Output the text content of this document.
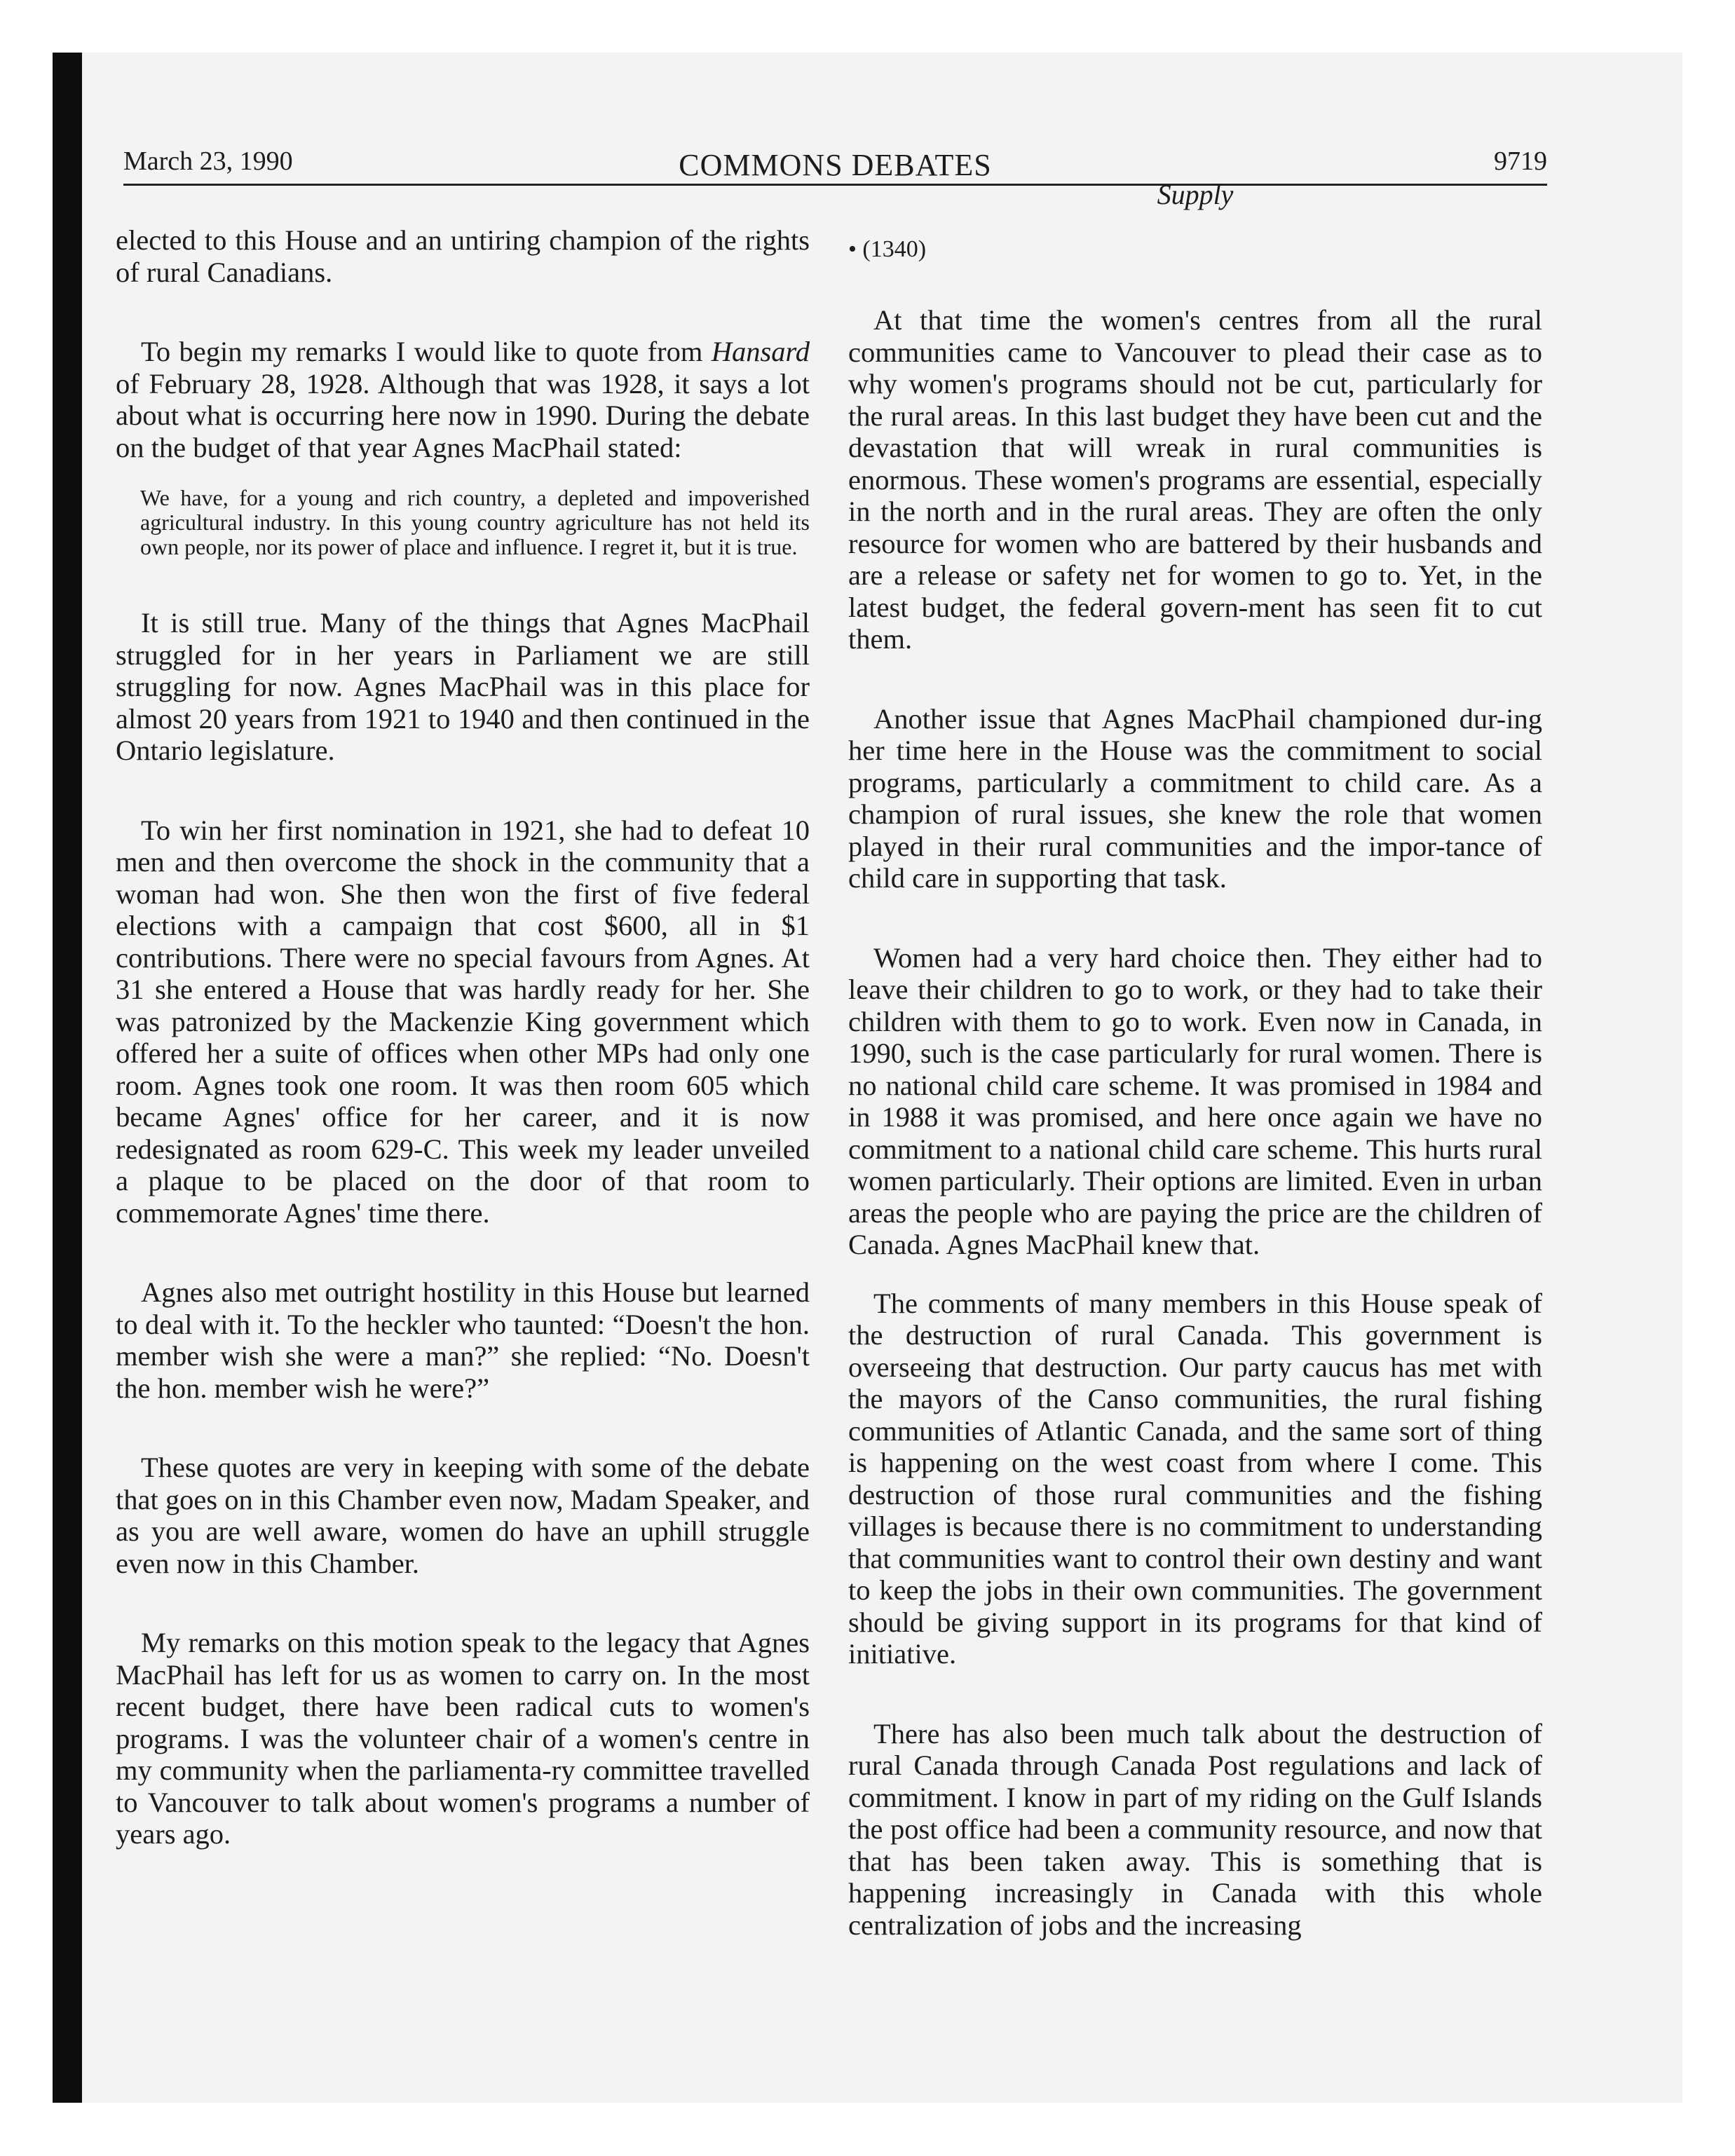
March 23, 1990	COMMONS DEBATES	9719

elected to this House and an untiring champion of the rights of rural Canadians.

To begin my remarks I would like to quote from Hansard of February 28, 1928. Although that was 1928, it says a lot about what is occurring here now in 1990. During the debate on the budget of that year Agnes MacPhail stated:

We have, for a young and rich country, a depleted and impoverished agricultural industry. In this young country agriculture has not held its own people, nor its power of place and influence. I regret it, but it is true.

It is still true. Many of the things that Agnes MacPhail struggled for in her years in Parliament we are still struggling for now. Agnes MacPhail was in this place for almost 20 years from 1921 to 1940 and then continued in the Ontario legislature.

To win her first nomination in 1921, she had to defeat 10 men and then overcome the shock in the community that a woman had won. She then won the first of five federal elections with a campaign that cost $600, all in $1 contributions. There were no special favours from Agnes. At 31 she entered a House that was hardly ready for her. She was patronized by the Mackenzie King government which offered her a suite of offices when other MPs had only one room. Agnes took one room. It was then room 605 which became Agnes' office for her career, and it is now redesignated as room 629-C. This week my leader unveiled a plaque to be placed on the door of that room to commemorate Agnes' time there.

Agnes also met outright hostility in this House but learned to deal with it. To the heckler who taunted: “Doesn't the hon. member wish she were a man?” she replied: “No. Doesn't the hon. member wish he were?”

These quotes are very in keeping with some of the debate that goes on in this Chamber even now, Madam Speaker, and as you are well aware, women do have an uphill struggle even now in this Chamber.

My remarks on this motion speak to the legacy that Agnes MacPhail has left for us as women to carry on. In the most recent budget, there have been radical cuts to women's programs. I was the volunteer chair of a women's centre in my community when the parliamenta-ry committee travelled to Vancouver to talk about women's programs a number of years ago.

Supply

• (1340)

At that time the women's centres from all the rural communities came to Vancouver to plead their case as to why women's programs should not be cut, particularly for the rural areas. In this last budget they have been cut and the devastation that will wreak in rural communities is enormous. These women's programs are essential, especially in the north and in the rural areas. They are often the only resource for women who are battered by their husbands and are a release or safety net for women to go to. Yet, in the latest budget, the federal govern-ment has seen fit to cut them.

Another issue that Agnes MacPhail championed dur-ing her time here in the House was the commitment to social programs, particularly a commitment to child care. As a champion of rural issues, she knew the role that women played in their rural communities and the impor-tance of child care in supporting that task.

Women had a very hard choice then. They either had to leave their children to go to work, or they had to take their children with them to go to work. Even now in Canada, in 1990, such is the case particularly for rural women. There is no national child care scheme. It was promised in 1984 and in 1988 it was promised, and here once again we have no commitment to a national child care scheme. This hurts rural women particularly. Their options are limited. Even in urban areas the people who are paying the price are the children of Canada. Agnes MacPhail knew that.

The comments of many members in this House speak of the destruction of rural Canada. This government is overseeing that destruction. Our party caucus has met with the mayors of the Canso communities, the rural fishing communities of Atlantic Canada, and the same sort of thing is happening on the west coast from where I come. This destruction of those rural communities and the fishing villages is because there is no commitment to understanding that communities want to control their own destiny and want to keep the jobs in their own communities. The government should be giving support in its programs for that kind of initiative.

There has also been much talk about the destruction of rural Canada through Canada Post regulations and lack of commitment. I know in part of my riding on the Gulf Islands the post office had been a community resource, and now that that has been taken away. This is something that is happening increasingly in Canada with this whole centralization of jobs and the increasing
